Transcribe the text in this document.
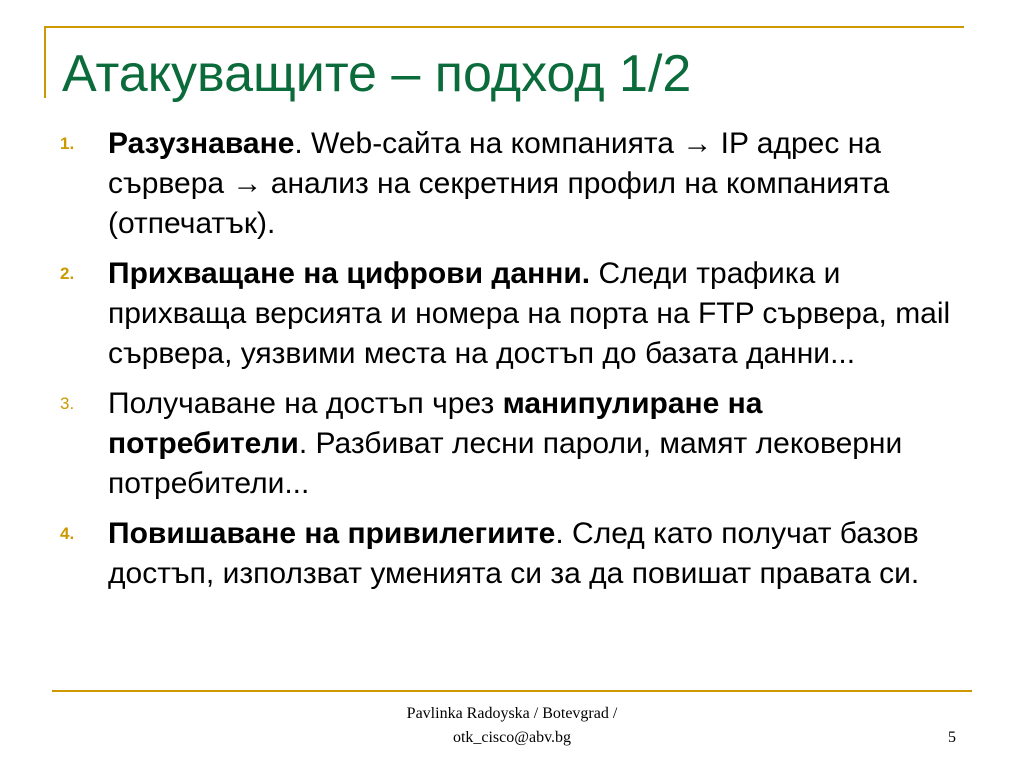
Атакуващите – подход 1/2
1. Разузнаване. Web-сайта на компанията → IP адрес на сървера → анализ на секретния профил на компанията (отпечатък).
2. Прихващане на цифрови данни. Следи трафика и прихваща версията и номера на порта на FTP сървера, mail сървера, уязвими места на достъп до базата данни...
3. Получаване на достъп чрез манипулиране на потребители. Разбиват лесни пароли, мамят лековерни потребители...
4. Повишаване на привилегиите. След като получат базов достъп, използват уменията си за да повишат правата си.
Pavlinka Radoyska / Botevgrad /
otk_cisco@abv.bg	5
